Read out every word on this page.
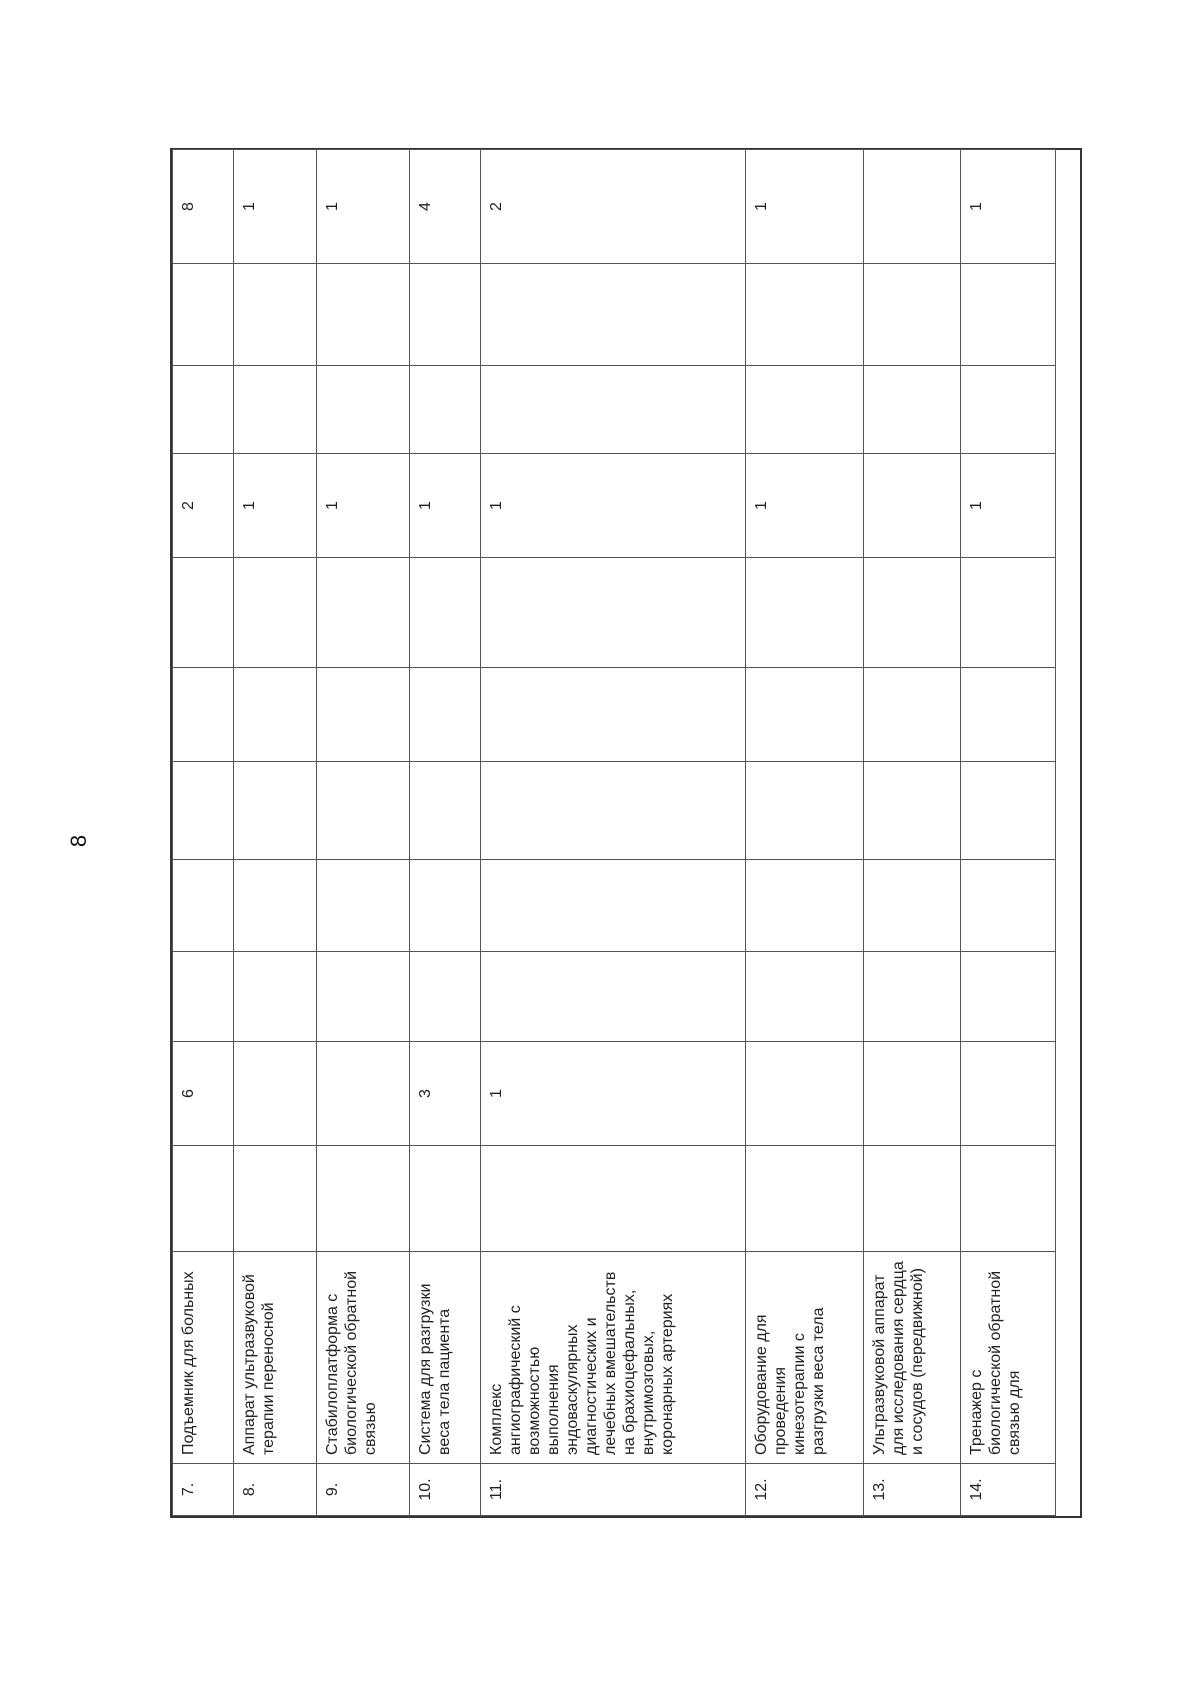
8
7.	Подъемник для больных		6						2			8
8.	Аппарат ультразвуковой терапии переносной								1			1
9.	Стабилоплатформа с биологической обратной связью								1			1
10.	Система для разгрузки веса тела пациента		3						1			4
11.	Комплекс ангиографический с возможностью выполнения эндоваскулярных диагностических и лечебных вмешательств на брахиоцефальных, внутримозговых, коронарных артериях		1						1			2
12.	Оборудование для проведения кинезотерапии с разгрузки веса тела								1			1
13.	Ультразвуковой аппарат для исследования сердца и сосудов (передвижной)											
14.	Тренажер с биологической обратной связью для								1			1
